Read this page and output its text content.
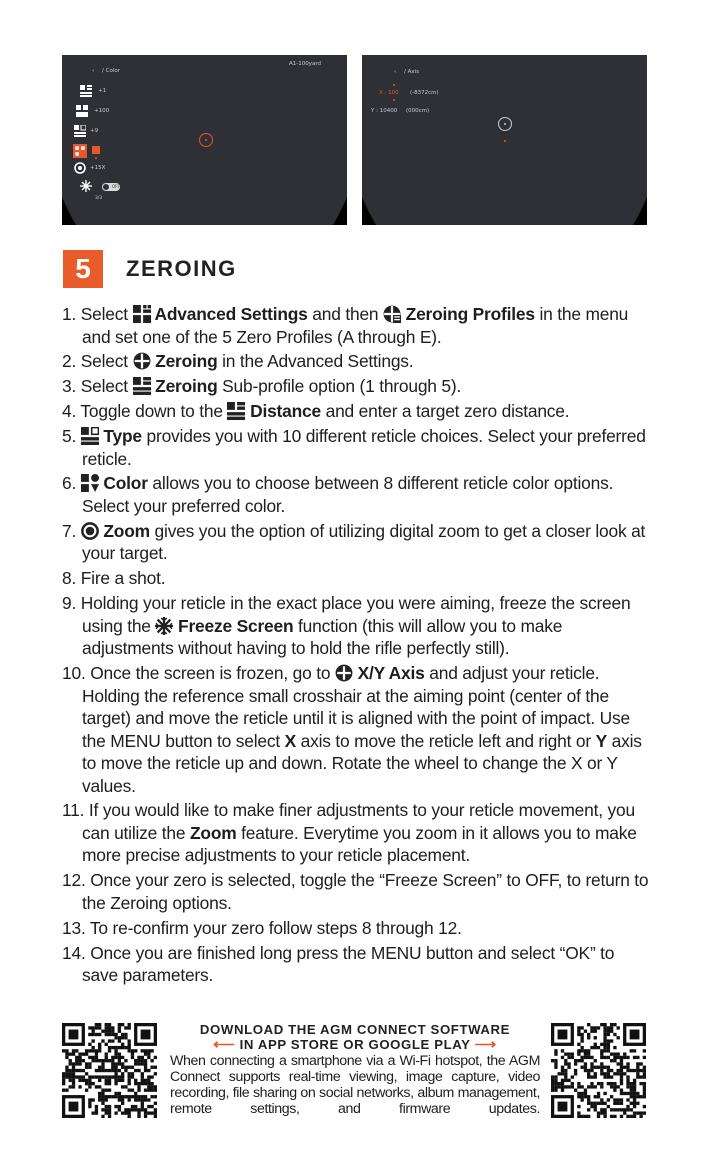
‹ / Color
A1-100yard
+1
+100
+9
+15X
OFF
3/3
‹ / Axis
X : 100 (-8372cm)
Y : 10400 (000cm)
5	ZEROING
1. Select  Advanced Settings and then  Zeroing Profiles in the menu and set one of the 5 Zero Profiles (A through E).
2. Select  Zeroing in the Advanced Settings.
3. Select  Zeroing Sub-profile option (1 through 5).
4. Toggle down to the  Distance and enter a target zero distance.
5.  Type provides you with 10 different reticle choices. Select your preferred reticle.
6.  Color allows you to choose between 8 different reticle color options. Select your preferred color.
7.  Zoom gives you the option of utilizing digital zoom to get a closer look at your target.
8. Fire a shot.
9. Holding your reticle in the exact place you were aiming, freeze the screen using the  Freeze Screen function (this will allow you to make adjustments without having to hold the rifle perfectly still).
10. Once the screen is frozen, go to  X/Y Axis and adjust your reticle. Holding the reference small crosshair at the aiming point (center of the target) and move the reticle until it is aligned with the point of impact. Use the MENU button to select X axis to move the reticle left and right or Y axis to move the reticle up and down. Rotate the wheel to change the X or Y values.
11. If you would like to make finer adjustments to your reticle movement, you can utilize the Zoom feature. Everytime you zoom in it allows you to make more precise adjustments to your reticle placement.
12. Once your zero is selected, toggle the “Freeze Screen” to OFF, to return to the Zeroing options.
13. To re-confirm your zero follow steps 8 through 12.
14. Once you are finished long press the MENU button and select “OK” to save parameters.
DOWNLOAD THE AGM CONNECT SOFTWARE
⟵ IN APP STORE OR GOOGLE PLAY ⟶
When connecting a smartphone via a Wi-Fi hotspot, the AGM Connect supports real-time viewing, image capture, video recording, file sharing on social networks, album management, remote settings, and firmware updates.
